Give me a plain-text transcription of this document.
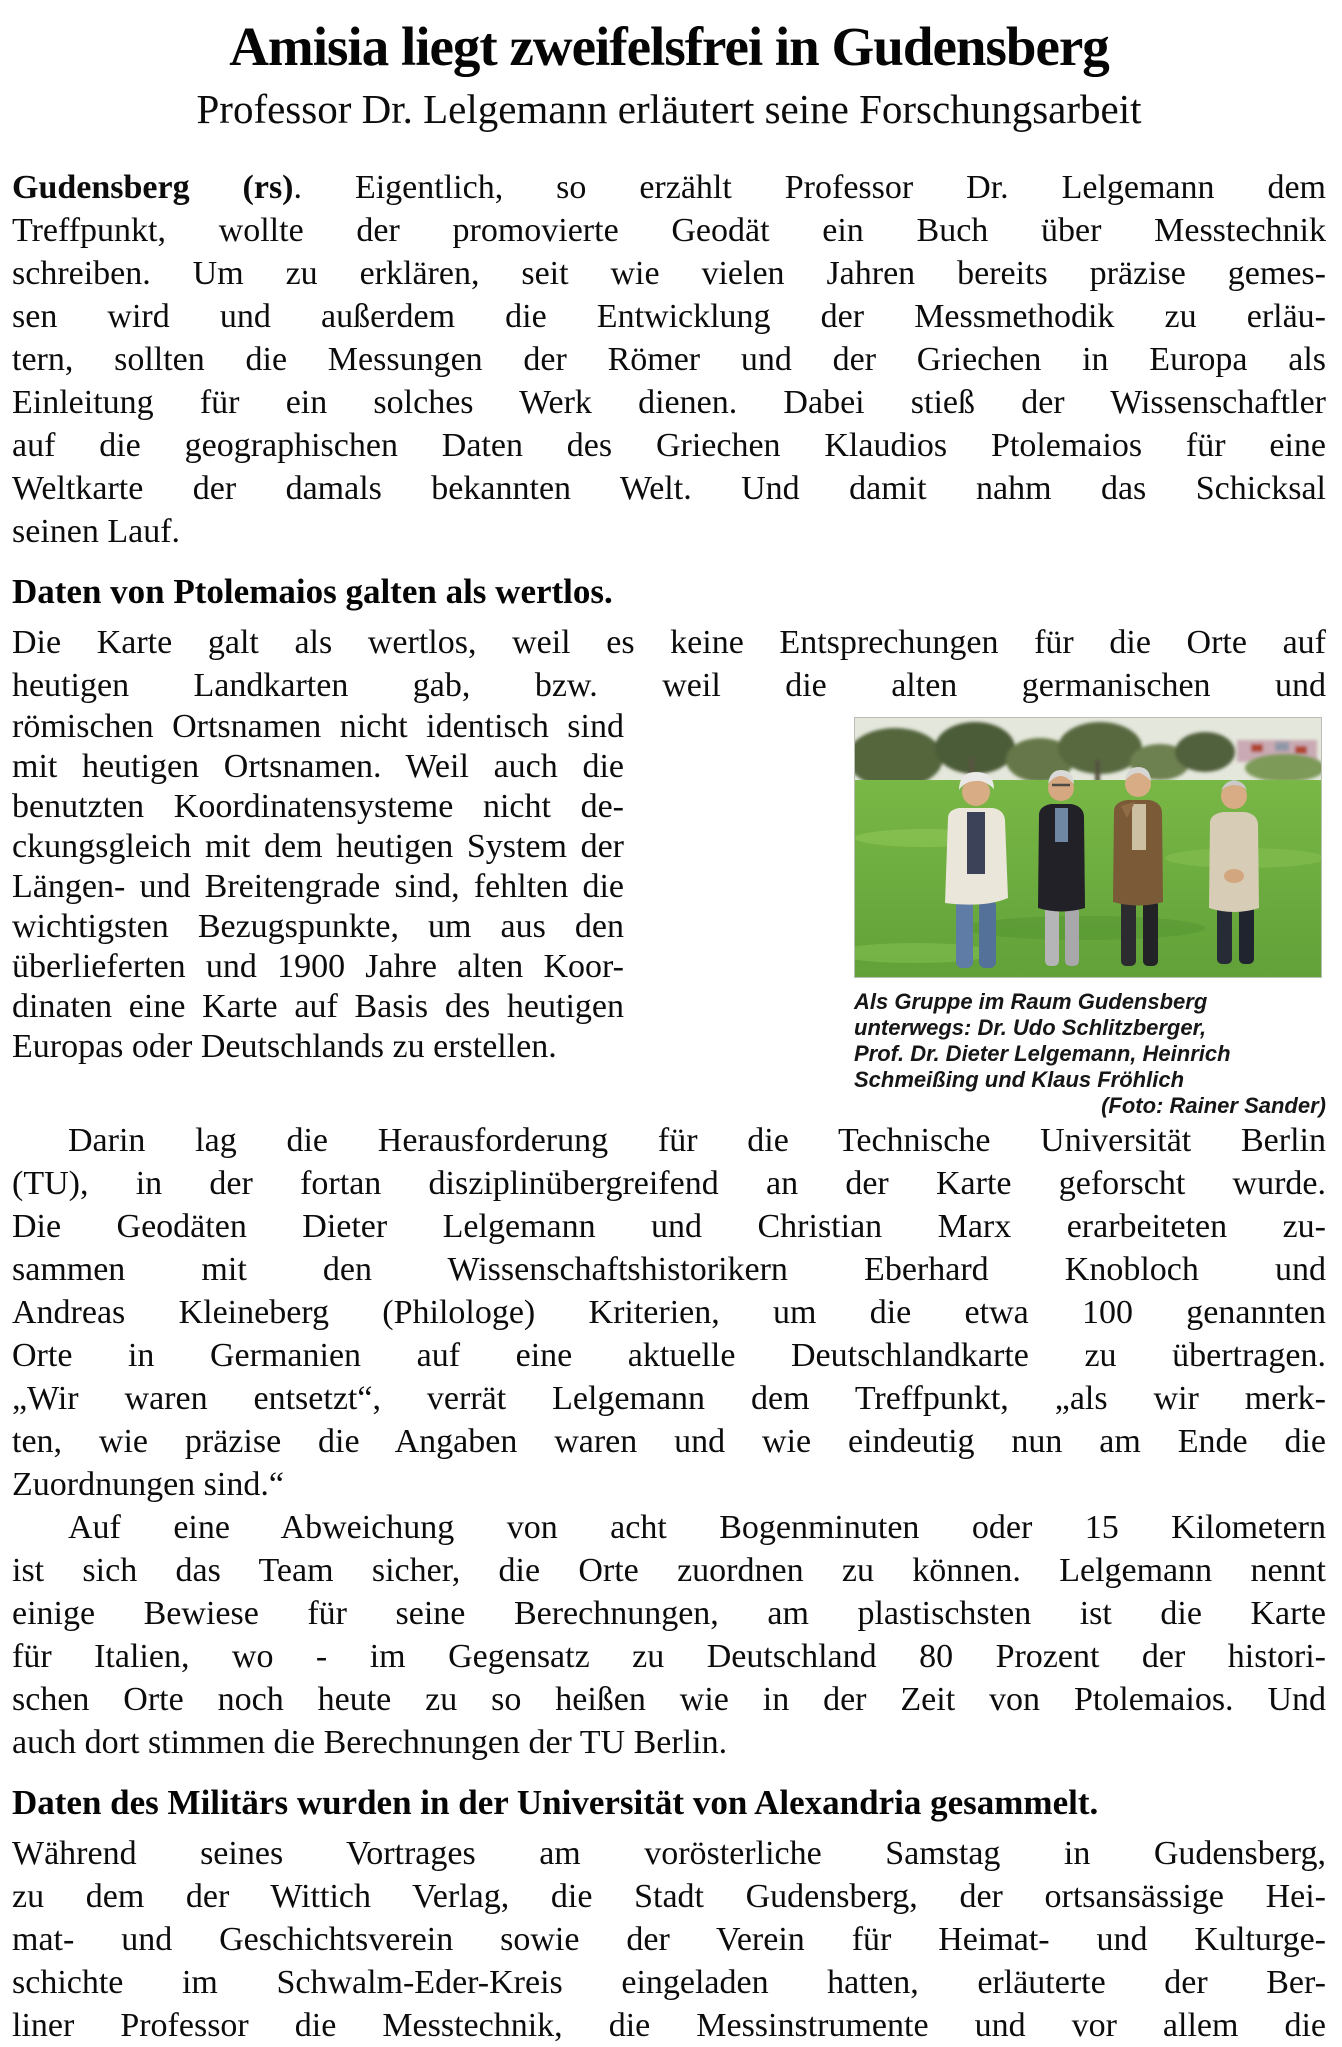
Amisia liegt zweifelsfrei in Gudensberg
Professor Dr. Lelgemann erläutert seine Forschungsarbeit
Gudensberg (rs). Eigentlich, so erzählt Professor Dr. Lelgemann dem
Treffpunkt, wollte der promovierte Geodät ein Buch über Messtechnik
schreiben. Um zu erklären, seit wie vielen Jahren bereits präzise gemes-
sen wird und außerdem die Entwicklung der Messmethodik zu erläu-
tern, sollten die Messungen der Römer und der Griechen in Europa als
Einleitung für ein solches Werk dienen. Dabei stieß der Wissenschaftler
auf die geographischen Daten des Griechen Klaudios Ptolemaios für eine
Weltkarte der damals bekannten Welt. Und damit nahm das Schicksal
seinen Lauf.
Daten von Ptolemaios galten als wertlos.
Die Karte galt als wertlos, weil es keine Entsprechungen für die Orte auf
heutigen Landkarten gab, bzw. weil die alten germanischen und
römischen Ortsnamen nicht identisch sind
mit heutigen Ortsnamen. Weil auch die
benutzten Koordinatensysteme nicht de-
ckungsgleich mit dem heutigen System der
Längen- und Breitengrade sind, fehlten die
wichtigsten Bezugspunkte, um aus den
überlieferten und 1900 Jahre alten Koor-
dinaten eine Karte auf Basis des heutigen
Europas oder Deutschlands zu erstellen.
Als Gruppe im Raum Gudensberg unterwegs: Dr. Udo Schlitzberger,
Prof. Dr. Dieter Lelgemann, Heinrich Schmeißing und Klaus Fröhlich
(Foto: Rainer Sander)
Darin lag die Herausforderung für die Technische Universität Berlin
(TU), in der fortan disziplinübergreifend an der Karte geforscht wurde.
Die Geodäten Dieter Lelgemann und Christian Marx erarbeiteten zu-
sammen mit den Wissenschaftshistorikern Eberhard Knobloch und
Andreas Kleineberg (Philologe) Kriterien, um die etwa 100 genannten
Orte in Germanien auf eine aktuelle Deutschlandkarte zu übertragen.
„Wir waren entsetzt“, verrät Lelgemann dem Treffpunkt, „als wir merk-
ten, wie präzise die Angaben waren und wie eindeutig nun am Ende die
Zuordnungen sind.“
Auf eine Abweichung von acht Bogenminuten oder 15 Kilometern
ist sich das Team sicher, die Orte zuordnen zu können. Lelgemann nennt
einige Bewiese für seine Berechnungen, am plastischsten ist die Karte
für Italien, wo - im Gegensatz zu Deutschland 80 Prozent der histori-
schen Orte noch heute zu so heißen wie in der Zeit von Ptolemaios. Und
auch dort stimmen die Berechnungen der TU Berlin.
Daten des Militärs wurden in der Universität von Alexandria gesammelt.
Während seines Vortrages am vorösterliche Samstag in Gudensberg,
zu dem der Wittich Verlag, die Stadt Gudensberg, der ortsansässige Hei-
mat- und Geschichtsverein sowie der Verein für Heimat- und Kulturge-
schichte im Schwalm-Eder-Kreis eingeladen hatten, erläuterte der Ber-
liner Professor die Messtechnik, die Messinstrumente und vor allem die
